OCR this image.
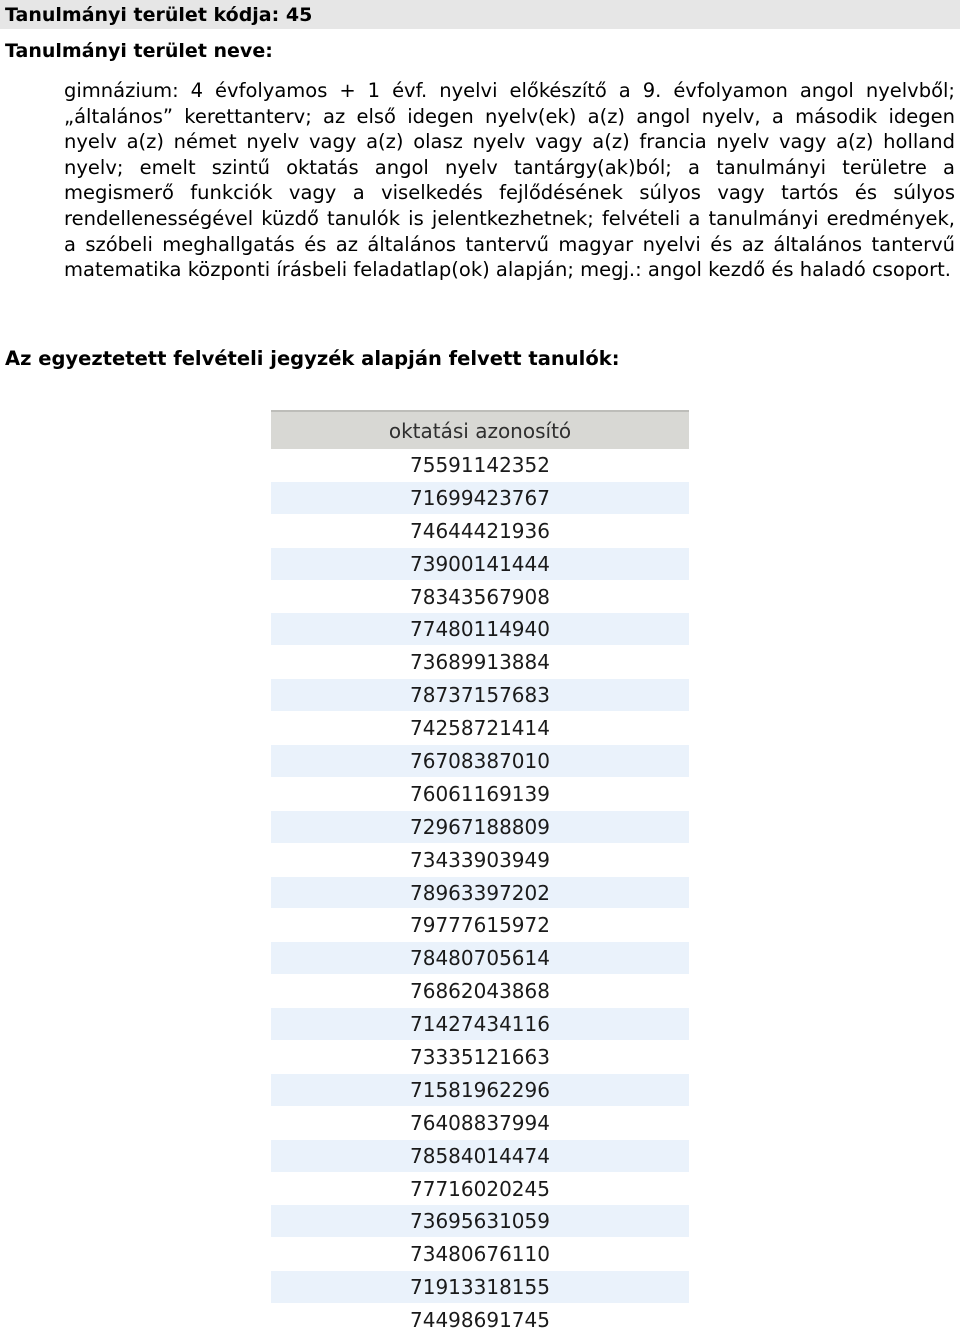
Tanulmányi terület kódja: 45
Tanulmányi terület neve:

gimnázium: 4 évfolyamos + 1 évf. nyelvi előkészítő a 9. évfolyamon angol nyelvből; „általános” kerettanterv; az első idegen nyelv(ek) a(z) angol nyelv, a második idegen nyelv a(z) német nyelv vagy a(z) olasz nyelv vagy a(z) francia nyelv vagy a(z) holland nyelv; emelt szintű oktatás angol nyelv tantárgy(ak)ból; a tanulmányi területre a megismerő funkciók vagy a viselkedés fejlődésének súlyos vagy tartós és súlyos rendellenességével küzdő tanulók is jelentkezhetnek; felvételi a tanulmányi eredmények, a szóbeli meghallgatás és az általános tantervű magyar nyelvi és az általános tantervű matematika központi írásbeli feladatlap(ok) alapján; megj.: angol kezdő és haladó csoport.

Az egyeztetett felvételi jegyzék alapján felvett tanulók:
oktatási azonosító
75591142352
71699423767
74644421936
73900141444
78343567908
77480114940
73689913884
78737157683
74258721414
76708387010
76061169139
72967188809
73433903949
78963397202
79777615972
78480705614
76862043868
71427434116
73335121663
71581962296
76408837994
78584014474
77716020245
73695631059
73480676110
71913318155
74498691745
